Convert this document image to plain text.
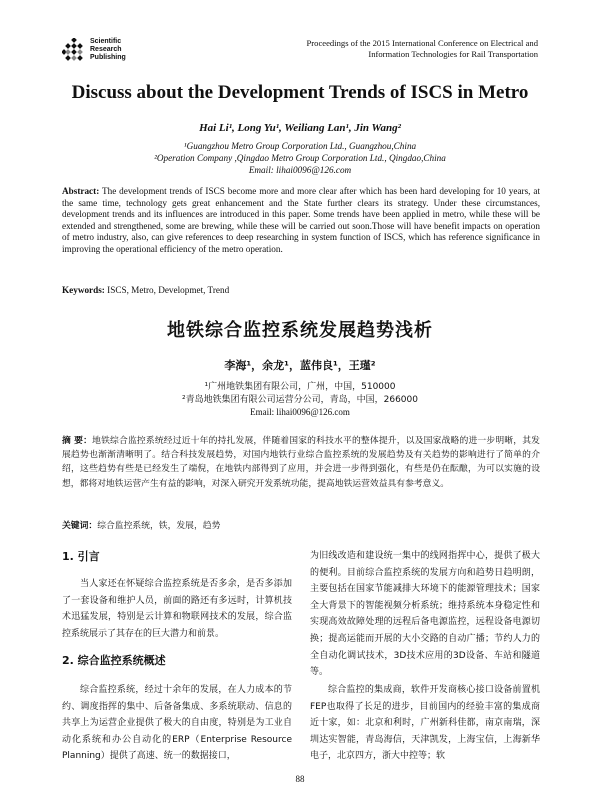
Scientific
Research
Publishing
Proceedings of the 2015 International Conference on Electrical and
Information Technologies for Rail Transportation
Discuss about the Development Trends of ISCS in Metro
Hai Li¹, Long Yu¹, Weiliang Lan¹, Jin Wang²
¹Guangzhou Metro Group Corporation Ltd., Guangzhou,China
²Operation Company ,Qingdao Metro Group Corporation Ltd., Qingdao,China
Email: lihai0096@126.com
Abstract: The development trends of ISCS become more and more clear after which has been hard developing for 10 years, at the same time, technology gets great enhancement and the State further clears its strategy. Under these circumstances, development trends and its influences are introduced in this paper. Some trends have been applied in metro, while these will be extended and strengthened, some are brewing, while these will be carried out soon.Those will have benefit impacts on operation of metro industry, also, can give references to deep researching in system function of ISCS, which has reference significance in improving the operational efficiency of the metro operation.
Keywords: ISCS, Metro, Developmet, Trend
地铁综合监控系统发展趋势浅析
李海¹，余龙¹，蓝伟良¹，王瑾²
¹广州地铁集团有限公司，广州，中国，510000
²青岛地铁集团有限公司运营分公司，青岛，中国，266000
Email: lihai0096@126.com
摘 要：地铁综合监控系统经过近十年的持扎发展，伴随着国家的科技水平的整体提升，以及国家战略的进一步明晰，其发展趋势也渐渐清晰明了。结合科技发展趋势，对国内地铁行业综合监控系统的发展趋势及有关趋势的影响进行了简单的介绍，这些趋势有些是已经发生了端倪，在地铁内部得到了应用，并会进一步得到强化，有些是仍在酝酿，为可以实施的设想，都将对地铁运营产生有益的影响，对深入研究开发系统功能，提高地铁运营效益具有参考意义。
关键词：综合监控系统，铁，发展，趋势
1. 引言
当人家还在怀疑综合监控系统是否多余，是否多添加了一套设备和维护人员，前面的路还有多远时，计算机技术迅猛发展，特别是云计算和物联网技术的发展，综合监控系统展示了其存在的巨大潜力和前景。
2. 综合监控系统概述
综合监控系统，经过十余年的发展，在人力成本的节约、调度指挥的集中、后备备集成、多系统联动、信息的共享上为运营企业提供了极大的自由度，特别是为工业自动化系统和办公自动化的ERP（Enterprise Resource Planning）提供了高速、统一的数据接口，
为旧线改造和建设统一集中的线网指挥中心，提供了极大的便利。目前综合监控系统的发展方向和趋势日趋明朗，主要包括在国家节能减排大环境下的能源管理技术；国家全大背景下的智能视频分析系统；维持系统本身稳定性和实现高效故障处理的远程后备电源监控，远程设备电源切换；提高运能而开展的大小交路的自动广播；节约人力的全自动化调试技术，3D技术应用的3D设备、车站和隧道等。
综合监控的集成商，软件开发商核心接口设备前置机FEP也取得了长足的进步，目前国内的经验丰富的集成商近十家，如：北京和利时，广州新科佳都，南京南瑞，深圳达实智能，青岛海信，天津凯发，上海宝信，上海新华电子，北京四方，浙大中控等；软
88
